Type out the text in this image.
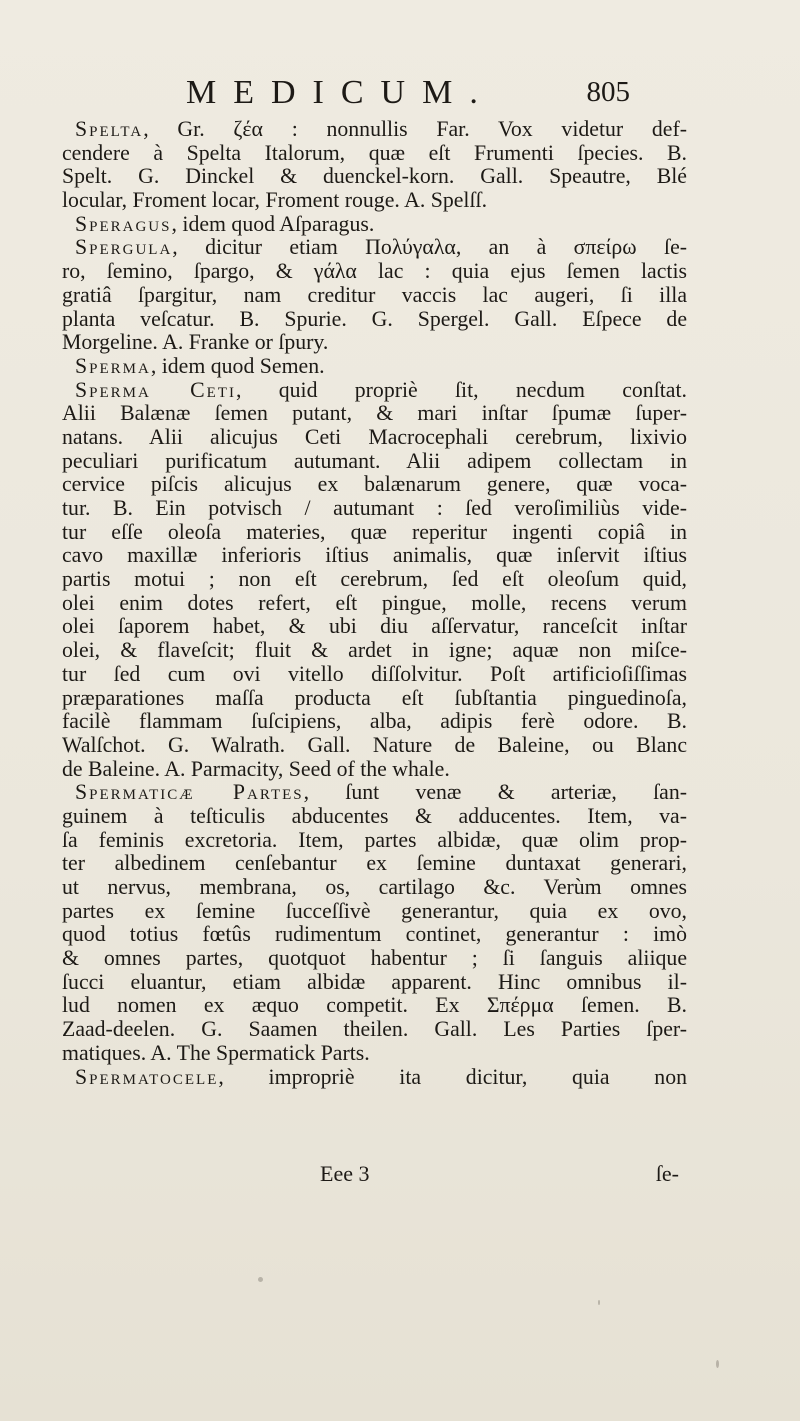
MEDICUM.	805
Spelta, Gr. ζέα : nonnullis Far. Vox videtur def-
cendere à Spelta Italorum, quæ eſt Frumenti ſpecies. B.
Spelt. G. Dinckel & duenckel-korn. Gall. Speautre, Blé
locular, Froment locar, Froment rouge. A. Spelſſ.
Speragus, idem quod Aſparagus.
Spergula, dicitur etiam Πολύγαλα, an à σπείρω ſe-
ro, ſemino, ſpargo, & γάλα lac : quia ejus ſemen lactis
gratiâ ſpargitur, nam creditur vaccis lac augeri, ſi illa
planta veſcatur. B. Spurie. G. Spergel. Gall. Eſpece de
Morgeline. A. Franke or ſpury.
Sperma, idem quod Semen.
Sperma Ceti, quid propriè ſit, necdum conſtat.
Alii Balænæ ſemen putant, & mari inſtar ſpumæ ſuper-
natans. Alii alicujus Ceti Macrocephali cerebrum, lixivio
peculiari purificatum autumant. Alii adipem collectam in
cervice piſcis alicujus ex balænarum genere, quæ voca-
tur. B. Ein potvisch / autumant : ſed veroſimiliùs vide-
tur eſſe oleoſa materies, quæ reperitur ingenti copiâ in
cavo maxillæ inferioris iſtius animalis, quæ inſervit iſtius
partis motui ; non eſt cerebrum, ſed eſt oleoſum quid,
olei enim dotes refert, eſt pingue, molle, recens verum
olei ſaporem habet, & ubi diu aſſervatur, ranceſcit inſtar
olei, & flaveſcit; fluit & ardet in igne; aquæ non miſce-
tur ſed cum ovi vitello diſſolvitur. Poſt artificioſiſſimas
præparationes maſſa producta eſt ſubſtantia pinguedinoſa,
facilè flammam ſuſcipiens, alba, adipis ferè odore. B.
Walſchot. G. Walrath. Gall. Nature de Baleine, ou Blanc
de Baleine. A. Parmacity, Seed of the whale.
Spermaticæ Partes, ſunt venæ & arteriæ, ſan-
guinem à teſticulis abducentes & adducentes. Item, va-
ſa feminis excretoria. Item, partes albidæ, quæ olim prop-
ter albedinem cenſebantur ex ſemine duntaxat generari,
ut nervus, membrana, os, cartilago &c. Verùm omnes
partes ex ſemine ſucceſſivè generantur, quia ex ovo,
quod totius fœtûs rudimentum continet, generantur : imò
& omnes partes, quotquot habentur ; ſi ſanguis aliique
ſucci eluantur, etiam albidæ apparent. Hinc omnibus il-
lud nomen ex æquo competit. Ex Σπέρμα ſemen. B.
Zaad-deelen. G. Saamen theilen. Gall. Les Parties ſper-
matiques. A. The Spermatick Parts.
Spermatocele, impropriè ita dicitur, quia non
Eee 3	ſe-
